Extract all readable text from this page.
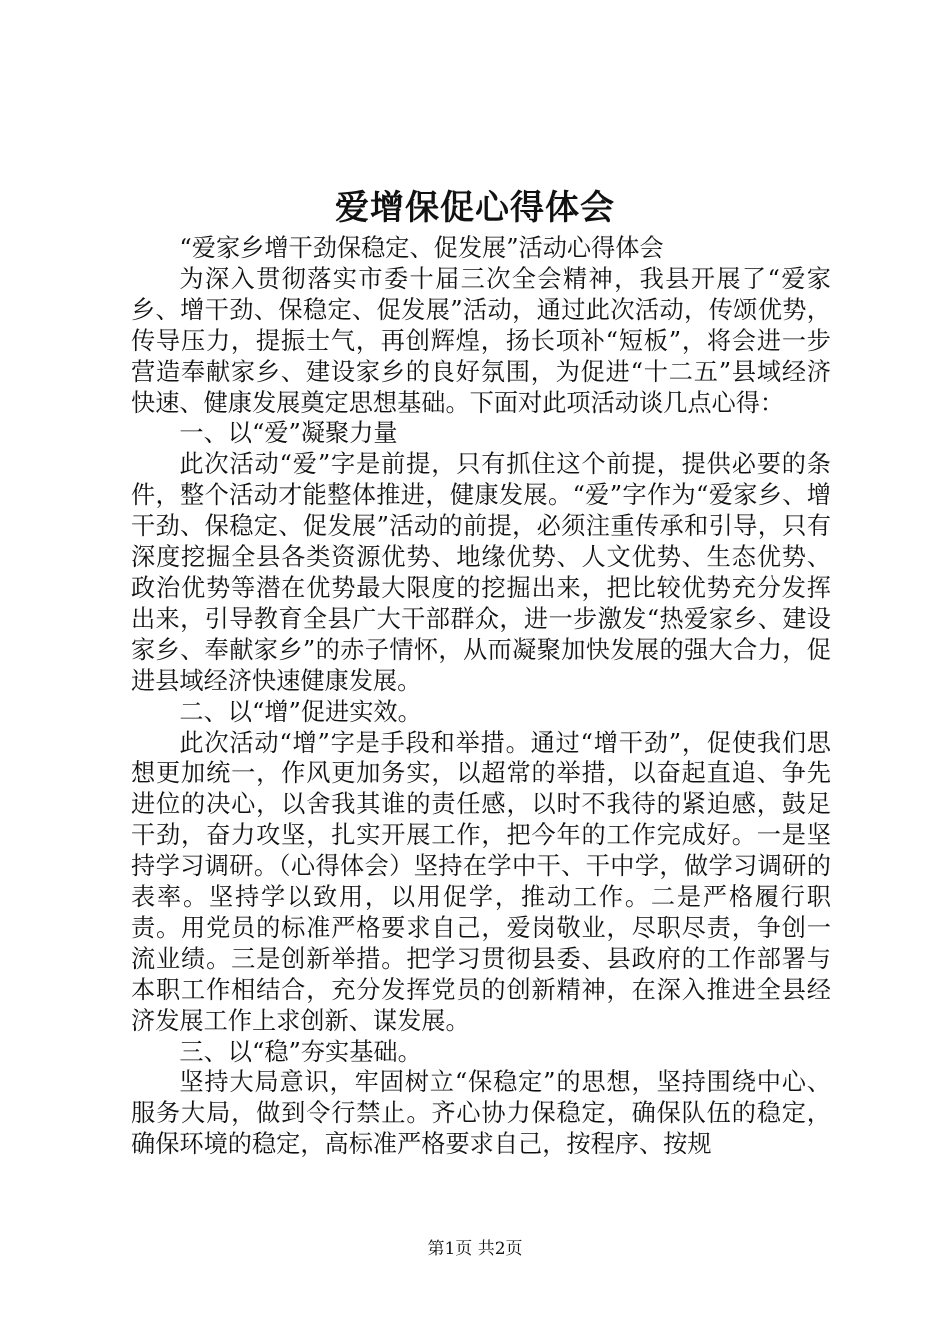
爱增保促心得体会

“爱家乡增干劲保稳定、促发展”活动心得体会

为深入贯彻落实市委十届三次全会精神，我县开展了“爱家乡、增干劲、保稳定、促发展”活动，通过此次活动，传颂优势，传导压力，提振士气，再创辉煌，扬长项补“短板”，将会进一步营造奉献家乡、建设家乡的良好氛围，为促进“十二五”县域经济快速、健康发展奠定思想基础。下面对此项活动谈几点心得：

一、以“爱”凝聚力量

此次活动“爱”字是前提，只有抓住这个前提，提供必要的条件，整个活动才能整体推进，健康发展。“爱”字作为“爱家乡、增干劲、保稳定、促发展”活动的前提，必须注重传承和引导，只有深度挖掘全县各类资源优势、地缘优势、人文优势、生态优势、政治优势等潜在优势最大限度的挖掘出来，把比较优势充分发挥出来，引导教育全县广大干部群众，进一步激发“热爱家乡、建设家乡、奉献家乡”的赤子情怀，从而凝聚加快发展的强大合力，促进县域经济快速健康发展。

二、以“增”促进实效。

此次活动“增”字是手段和举措。通过“增干劲”，促使我们思想更加统一，作风更加务实，以超常的举措，以奋起直追、争先进位的决心，以舍我其谁的责任感，以时不我待的紧迫感，鼓足干劲，奋力攻坚，扎实开展工作，把今年的工作完成好。一是坚持学习调研。（心得体会）坚持在学中干、干中学，做学习调研的表率。坚持学以致用，以用促学，推动工作。二是严格履行职责。用党员的标准严格要求自己，爱岗敬业，尽职尽责，争创一流业绩。三是创新举措。把学习贯彻县委、县政府的工作部署与本职工作相结合，充分发挥党员的创新精神，在深入推进全县经济发展工作上求创新、谋发展。

三、以“稳”夯实基础。

坚持大局意识，牢固树立“保稳定”的思想，坚持围绕中心、服务大局，做到令行禁止。齐心协力保稳定，确保队伍的稳定，确保环境的稳定，高标准严格要求自己，按程序、按规

第1页 共2页
